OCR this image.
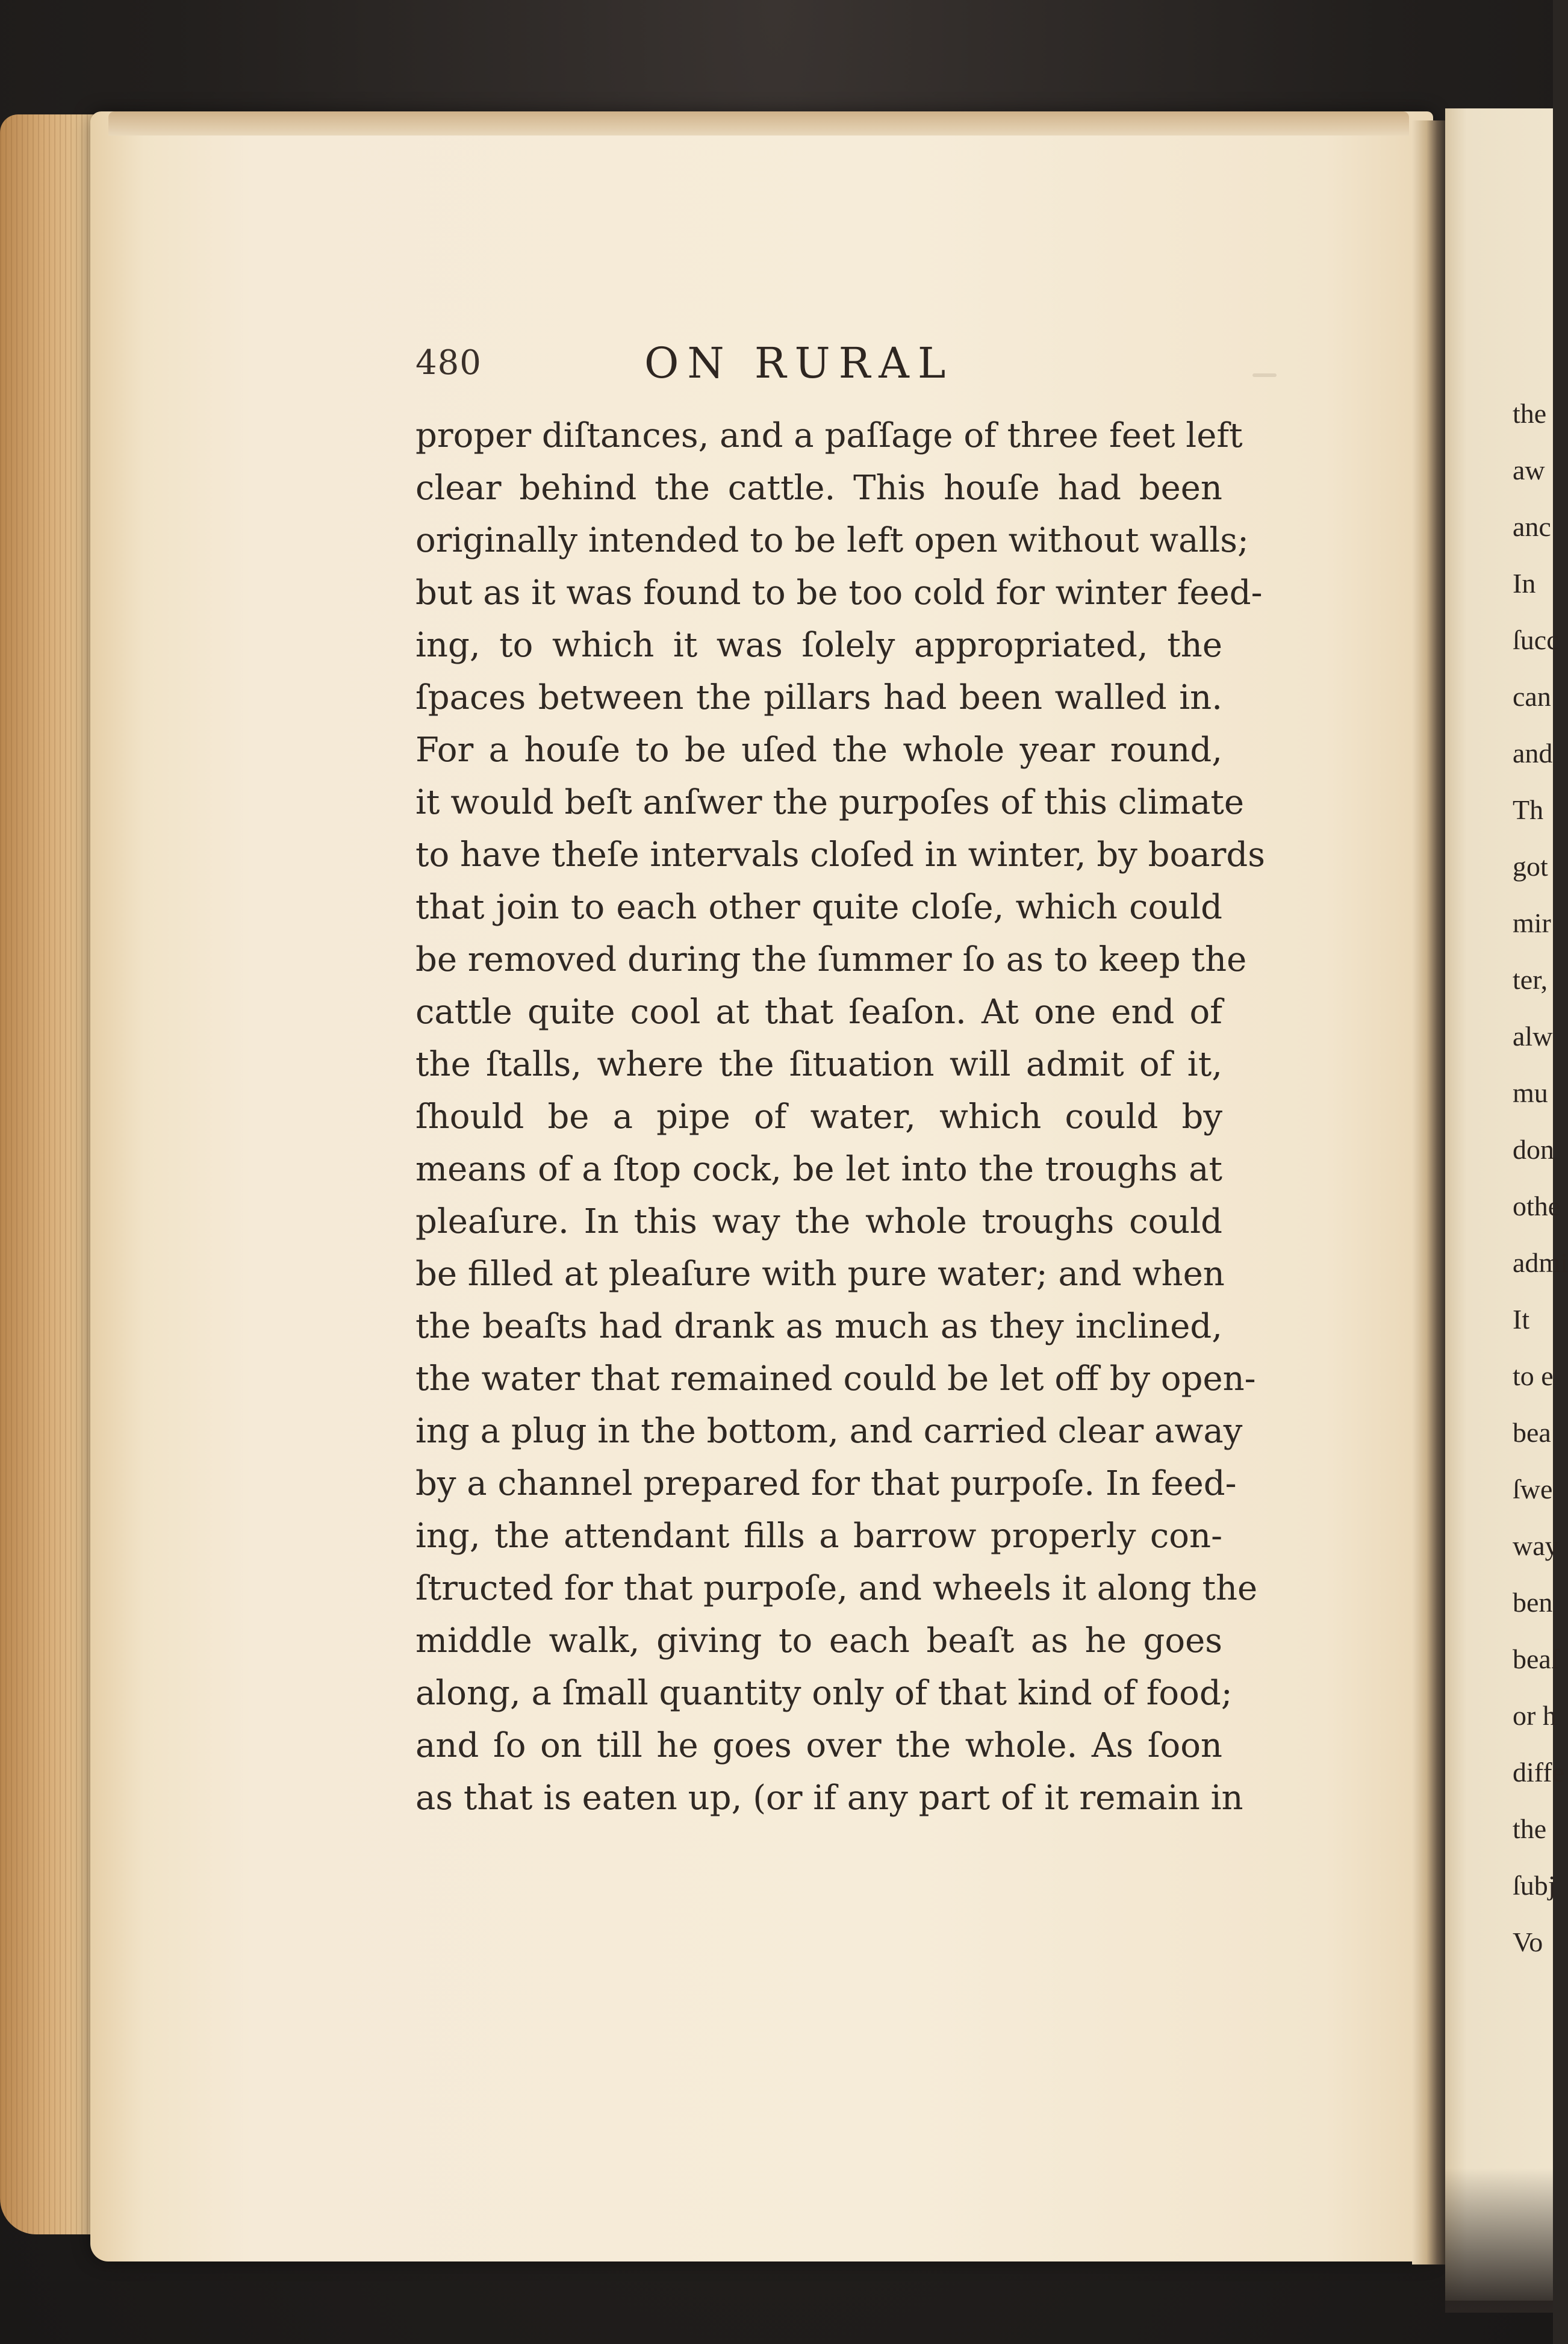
480	ON RURAL
proper diſtances, and a paſſage of three feet left
clear behind the cattle. This houſe had been
originally intended to be left open without walls;
but as it was found to be too cold for winter feed-
ing, to which it was ſolely appropriated, the
ſpaces between the pillars had been walled in.
For a houſe to be uſed the whole year round,
it would beſt anſwer the purpoſes of this climate
to have theſe intervals cloſed in winter, by boards
that join to each other quite cloſe, which could
be removed during the ſummer ſo as to keep the
cattle quite cool at that ſeaſon. At one end of
the ſtalls, where the ſituation will admit of it,
ſhould be a pipe of water, which could by
means of a ſtop cock, be let into the troughs at
pleaſure. In this way the whole troughs could
be filled at pleaſure with pure water; and when
the beaſts had drank as much as they inclined,
the water that remained could be let off by open-
ing a plug in the bottom, and carried clear away
by a channel prepared for that purpoſe. In feed-
ing, the attendant fills a barrow properly con-
ſtructed for that purpoſe, and wheels it along the
middle walk, giving to each beaſt as he goes
along, a ſmall quantity only of that kind of food;
and ſo on till he goes over the whole. As ſoon
as that is eaten up, (or if any part of it remain in
the
aw
anc
In
ſucc
can
and
Th
got
mir
ter,
alw
mu
don
othe
admi
It
to e
bea
ſwe
way
ben
beaſ
or h
diffe
the
ſubj
Vo
